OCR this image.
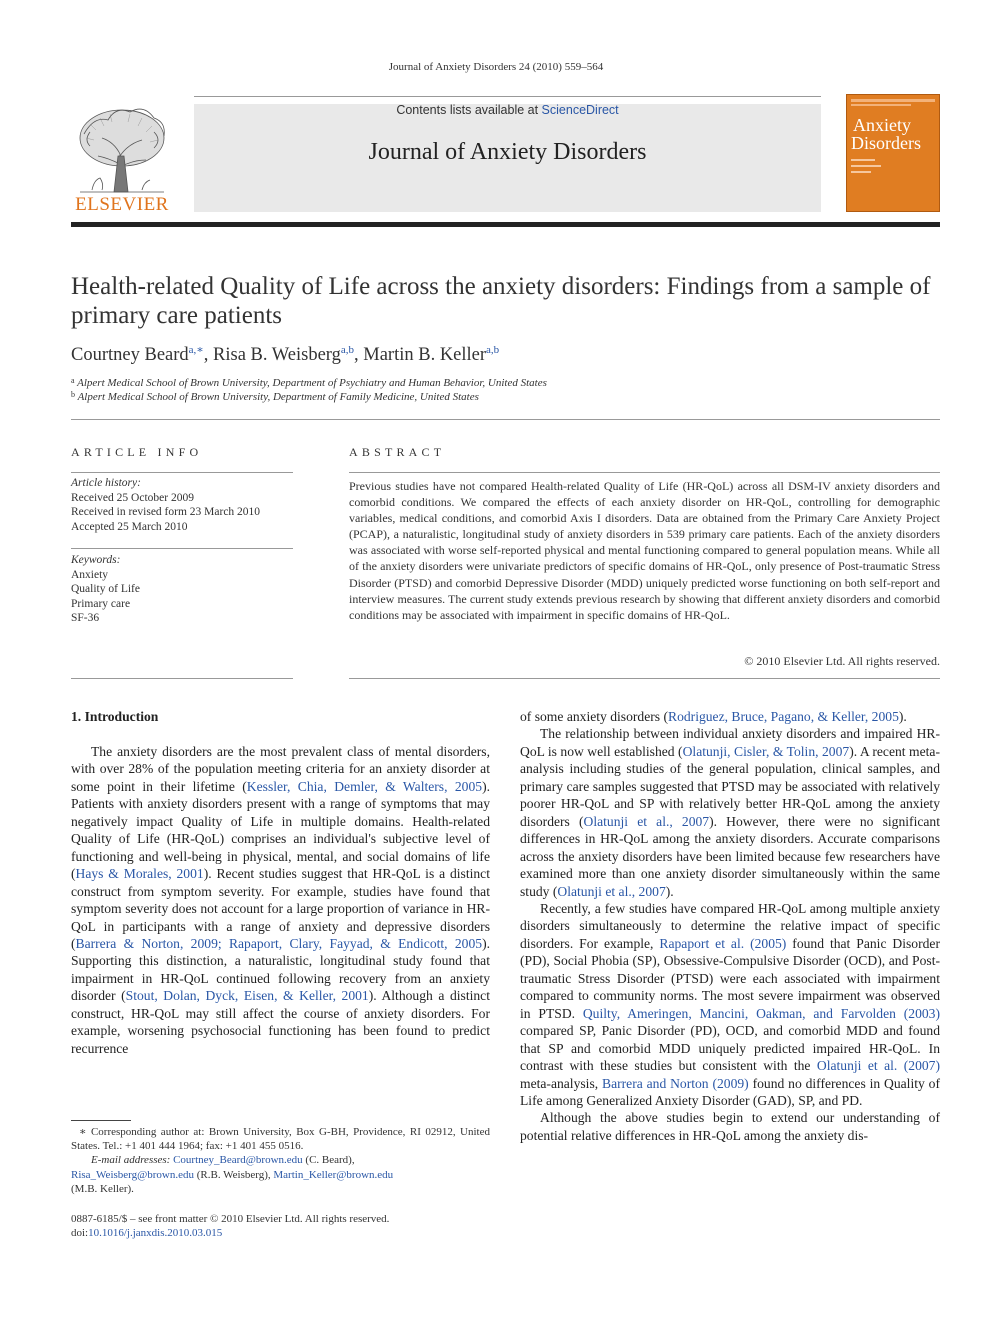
Journal of Anxiety Disorders 24 (2010) 559–564
Contents lists available at ScienceDirect
Journal of Anxiety Disorders
ELSEVIER
Anxiety
Disorders
Health-related Quality of Life across the anxiety disorders: Findings from a sample of primary care patients
Courtney Beard$^{a,∗}$, Risa B. Weisberg$^{a,b}$, Martin B. Keller$^{a,b}$
$^a$ Alpert Medical School of Brown University, Department of Psychiatry and Human Behavior, United States
$^b$ Alpert Medical School of Brown University, Department of Family Medicine, United States
ARTICLE INFO
Article history:
Received 25 October 2009
Received in revised form 23 March 2010
Accepted 25 March 2010
Keywords:
Anxiety
Quality of Life
Primary care
SF-36
ABSTRACT
Previous studies have not compared Health-related Quality of Life (HR-QoL) across all DSM-IV anxiety disorders and comorbid conditions. We compared the effects of each anxiety disorder on HR-QoL, controlling for demographic variables, medical conditions, and comorbid Axis I disorders. Data are obtained from the Primary Care Anxiety Project (PCAP), a naturalistic, longitudinal study of anxiety disorders in 539 primary care patients. Each of the anxiety disorders was associated with worse self-reported physical and mental functioning compared to general population means. While all of the anxiety disorders were univariate predictors of specific domains of HR-QoL, only presence of Post-traumatic Stress Disorder (PTSD) and comorbid Depressive Disorder (MDD) uniquely predicted worse functioning on both self-report and interview measures. The current study extends previous research by showing that different anxiety disorders and comorbid conditions may be associated with impairment in specific domains of HR-QoL.
© 2010 Elsevier Ltd. All rights reserved.
1. Introduction

The anxiety disorders are the most prevalent class of mental disorders, with over 28% of the population meeting criteria for an anxiety disorder at some point in their lifetime (Kessler, Chia, Demler, & Walters, 2005). Patients with anxiety disorders present with a range of symptoms that may negatively impact Quality of Life in multiple domains. Health-related Quality of Life (HR-QoL) comprises an individual's subjective level of functioning and well-being in physical, mental, and social domains of life (Hays & Morales, 2001). Recent studies suggest that HR-QoL is a distinct construct from symptom severity. For example, studies have found that symptom severity does not account for a large proportion of variance in HR-QoL in participants with a range of anxiety and depressive disorders (Barrera & Norton, 2009; Rapaport, Clary, Fayyad, & Endicott, 2005). Supporting this distinction, a naturalistic, longitudinal study found that impairment in HR-QoL continued following recovery from an anxiety disorder (Stout, Dolan, Dyck, Eisen, & Keller, 2001). Although a distinct construct, HR-QoL may still affect the course of anxiety disorders. For example, worsening psychosocial functioning has been found to predict recurrence

of some anxiety disorders (Rodriguez, Bruce, Pagano, & Keller, 2005).

The relationship between individual anxiety disorders and impaired HR-QoL is now well established (Olatunji, Cisler, & Tolin, 2007). A recent meta-analysis including studies of the general population, clinical samples, and primary care samples suggested that PTSD may be associated with relatively poorer HR-QoL and SP with relatively better HR-QoL among the anxiety disorders (Olatunji et al., 2007). However, there were no significant differences in HR-QoL among the anxiety disorders. Accurate comparisons across the anxiety disorders have been limited because few researchers have examined more than one anxiety disorder simultaneously within the same study (Olatunji et al., 2007).

Recently, a few studies have compared HR-QoL among multiple anxiety disorders simultaneously to determine the relative impact of specific disorders. For example, Rapaport et al. (2005) found that Panic Disorder (PD), Social Phobia (SP), Obsessive-Compulsive Disorder (OCD), and Post-traumatic Stress Disorder (PTSD) were each associated with impairment compared to community norms. The most severe impairment was observed in PTSD. Quilty, Ameringen, Mancini, Oakman, and Farvolden (2003) compared SP, Panic Disorder (PD), OCD, and comorbid MDD and found that SP and comorbid MDD uniquely predicted impaired HR-QoL. In contrast with these studies but consistent with the Olatunji et al. (2007) meta-analysis, Barrera and Norton (2009) found no differences in Quality of Life among Generalized Anxiety Disorder (GAD), SP, and PD.

Although the above studies begin to extend our understanding of potential relative differences in HR-QoL among the anxiety dis-

∗ Corresponding author at: Brown University, Box G-BH, Providence, RI 02912, United States. Tel.: +1 401 444 1964; fax: +1 401 455 0516.
E-mail addresses: Courtney_Beard@brown.edu (C. Beard),
Risa_Weisberg@brown.edu (R.B. Weisberg), Martin_Keller@brown.edu
(M.B. Keller).
0887-6185/$ – see front matter © 2010 Elsevier Ltd. All rights reserved.
doi:10.1016/j.janxdis.2010.03.015
